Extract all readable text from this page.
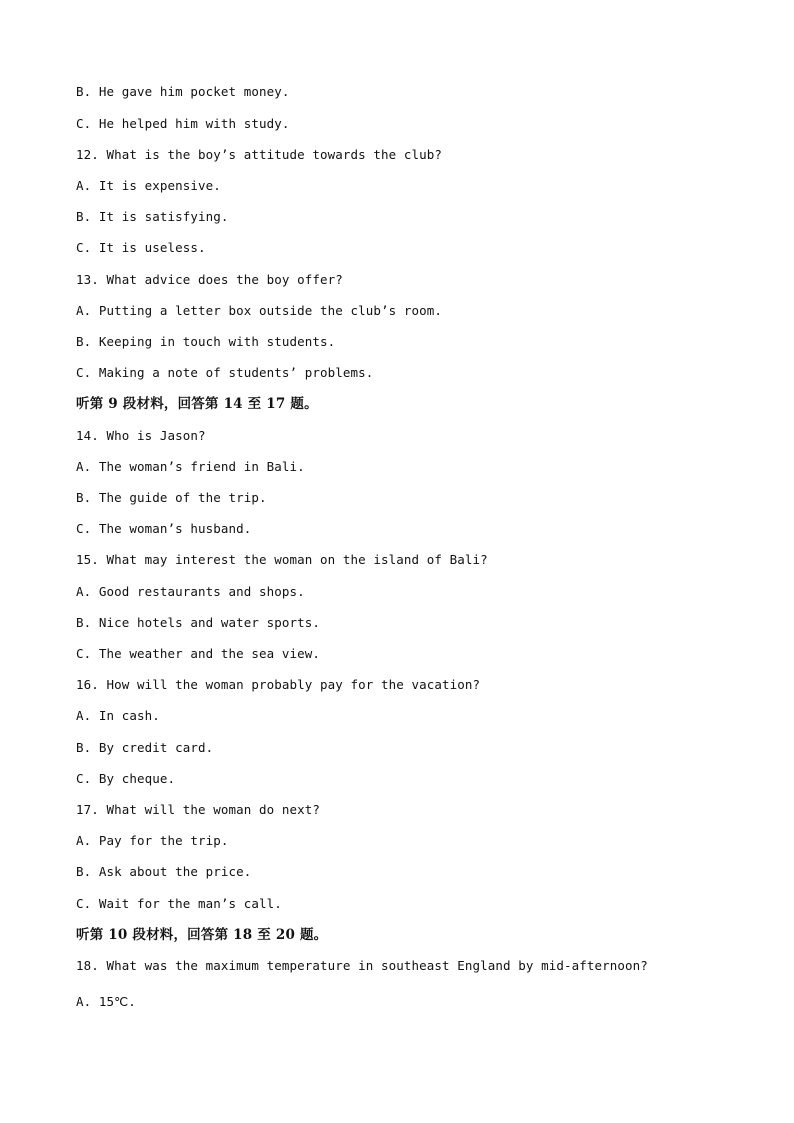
B. He gave him pocket money.
C. He helped him with study.
12. What is the boy’s attitude towards the club?
A. It is expensive.
B. It is satisfying.
C. It is useless.
13. What advice does the boy offer?
A. Putting a letter box outside the club’s room.
B. Keeping in touch with students.
C. Making a note of students’ problems.
听第 9 段材料，回答第 14 至 17 题。
14. Who is Jason?
A. The woman’s friend in Bali.
B. The guide of the trip.
C. The woman’s husband.
15. What may interest the woman on the island of Bali?
A. Good restaurants and shops.
B. Nice hotels and water sports.
C. The weather and the sea view.
16. How will the woman probably pay for the vacation?
A. In cash.
B. By credit card.
C. By cheque.
17. What will the woman do next?
A. Pay for the trip.
B. Ask about the price.
C. Wait for the man’s call.
听第 10 段材料，回答第 18 至 20 题。
18. What was the maximum temperature in southeast England by mid-afternoon?
A. 15℃.
